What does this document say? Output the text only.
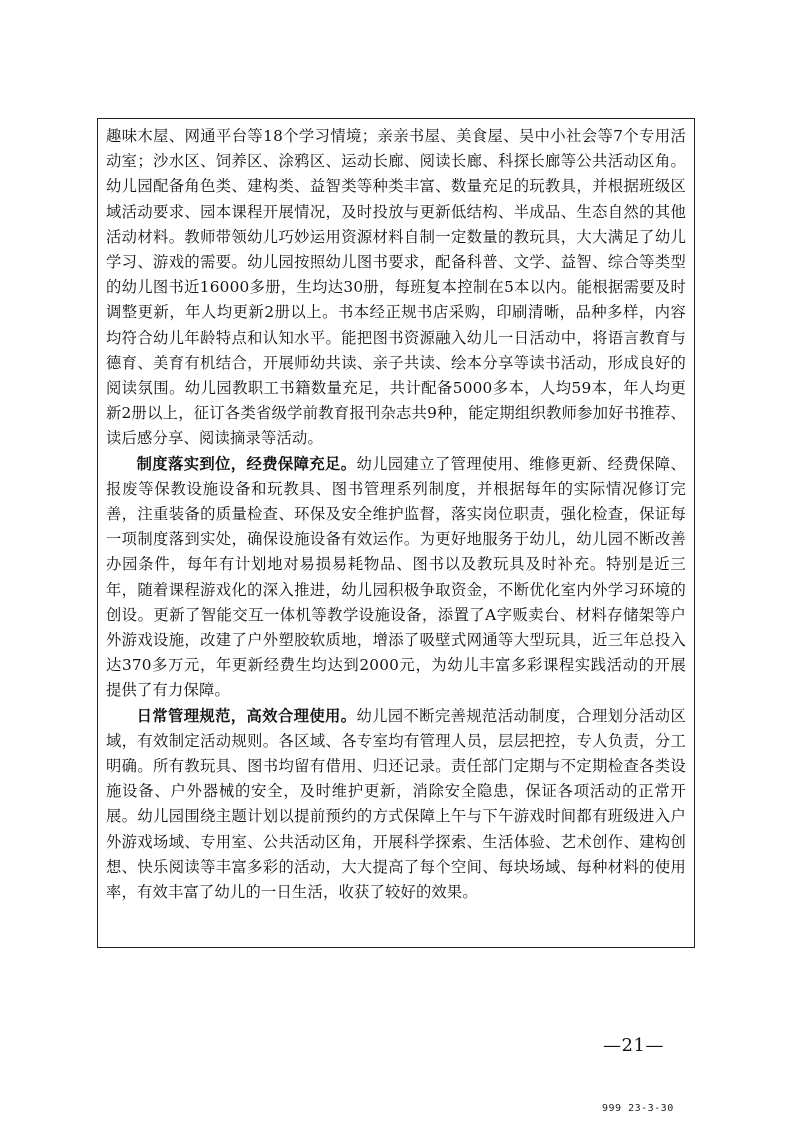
趣味木屋、网通平台等18个学习情境；亲亲书屋、美食屋、吴中小社会等7个专用活动室；沙水区、饲养区、涂鸦区、运动长廊、阅读长廊、科探长廊等公共活动区角。幼儿园配备角色类、建构类、益智类等种类丰富、数量充足的玩教具，并根据班级区域活动要求、园本课程开展情况，及时投放与更新低结构、半成品、生态自然的其他活动材料。教师带领幼儿巧妙运用资源材料自制一定数量的教玩具，大大满足了幼儿学习、游戏的需要。幼儿园按照幼儿图书要求，配备科普、文学、益智、综合等类型的幼儿图书近16000多册，生均达30册，每班复本控制在5本以内。能根据需要及时调整更新，年人均更新2册以上。书本经正规书店采购，印刷清晰，品种多样，内容均符合幼儿年龄特点和认知水平。能把图书资源融入幼儿一日活动中，将语言教育与德育、美育有机结合，开展师幼共读、亲子共读、绘本分享等读书活动，形成良好的阅读氛围。幼儿园教职工书籍数量充足，共计配备5000多本，人均59本，年人均更新2册以上，征订各类省级学前教育报刊杂志共9种，能定期组织教师参加好书推荐、读后感分享、阅读摘录等活动。

制度落实到位，经费保障充足。幼儿园建立了管理使用、维修更新、经费保障、报废等保教设施设备和玩教具、图书管理系列制度，并根据每年的实际情况修订完善，注重装备的质量检查、环保及安全维护监督，落实岗位职责，强化检查，保证每一项制度落到实处，确保设施设备有效运作。为更好地服务于幼儿，幼儿园不断改善办园条件，每年有计划地对易损易耗物品、图书以及教玩具及时补充。特别是近三年，随着课程游戏化的深入推进，幼儿园积极争取资金，不断优化室内外学习环境的创设。更新了智能交互一体机等教学设施设备，添置了A字贩卖台、材料存储架等户外游戏设施，改建了户外塑胶软质地，增添了吸壁式网通等大型玩具，近三年总投入达370多万元，年更新经费生均达到2000元，为幼儿丰富多彩课程实践活动的开展提供了有力保障。

日常管理规范，高效合理使用。幼儿园不断完善规范活动制度，合理划分活动区域，有效制定活动规则。各区域、各专室均有管理人员，层层把控，专人负责，分工明确。所有教玩具、图书均留有借用、归还记录。责任部门定期与不定期检查各类设施设备、户外器械的安全，及时维护更新，消除安全隐患，保证各项活动的正常开展。幼儿园围绕主题计划以提前预约的方式保障上午与下午游戏时间都有班级进入户外游戏场域、专用室、公共活动区角，开展科学探索、生活体验、艺术创作、建构创想、快乐阅读等丰富多彩的活动，大大提高了每个空间、每块场域、每种材料的使用率，有效丰富了幼儿的一日生活，收获了较好的效果。

—21—
999 23-3-30
